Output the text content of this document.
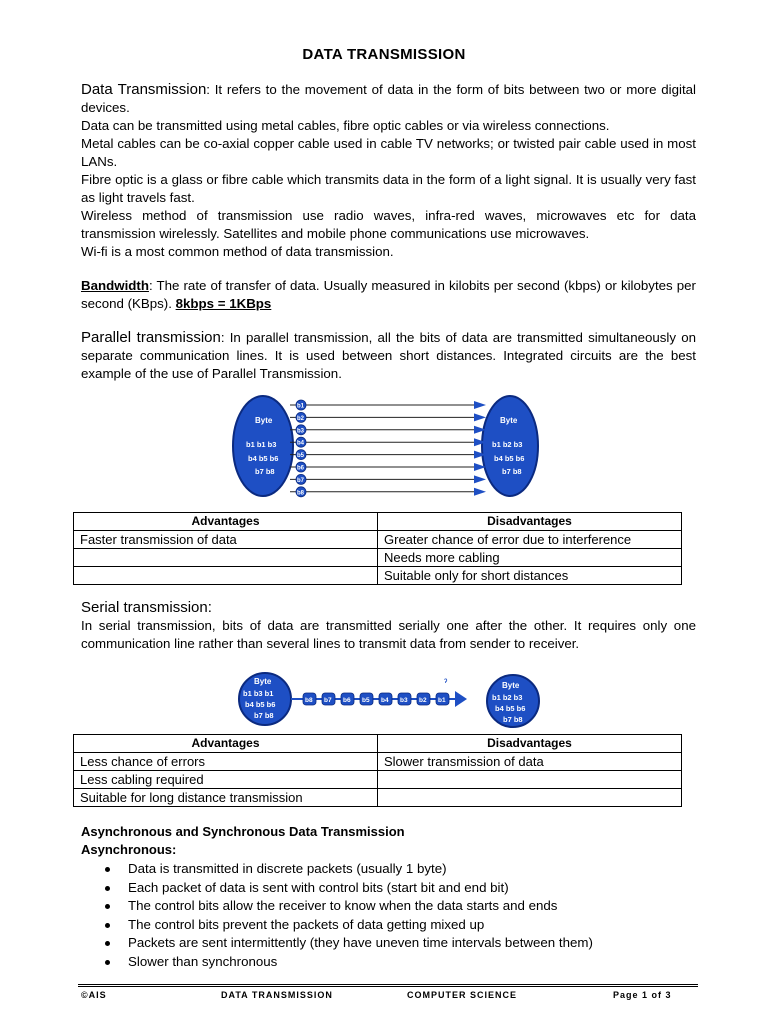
DATA TRANSMISSION

Data Transmission: It refers to the movement of data in the form of bits between two or more digital devices.

Data can be transmitted using metal cables, fibre optic cables or via wireless connections.

Metal cables can be co-axial copper cable used in cable TV networks; or twisted pair cable used in most LANs.

Fibre optic is a glass or fibre cable which transmits data in the form of a light signal. It is usually very fast as light travels fast.

Wireless method of transmission use radio waves, infra-red waves, microwaves etc for data transmission wirelessly. Satellites and mobile phone communications use microwaves.

Wi-fi is a most common method of data transmission.

Bandwidth: The rate of transfer of data. Usually measured in kilobits per second (kbps) or kilobytes per second (KBps). 8kbps = 1KBps

Parallel transmission: In parallel transmission, all the bits of data are transmitted simultaneously on separate communication lines. It is used between short distances. Integrated circuits are the best example of the use of Parallel Transmission.

b1
b2
b3
b4
b5
b6
b7
b8
Byte
b1 b1 b3
b4 b5 b6
b7 b8
Byte
b1 b2 b3
b4 b5 b6
b7 b8
Advantages	Disadvantages
Faster transmission of data	Greater chance of error due to interference
	Needs more cabling
	Suitable only for short distances

Serial transmission:

In serial transmission, bits of data are transmitted serially one after the other. It requires only one communication line rather than several lines to transmit data from sender to receiver.

ˀ
b8 b7 b6 b5 b4 b3 b2 b1
Byte
b1 b3 b1
b4 b5 b6
b7 b8
Byte
b1 b2 b3
b4 b5 b6
b7 b8
Advantages	Disadvantages
Less chance of errors	Slower transmission of data
Less cabling required	
Suitable for long distance transmission	

Asynchronous and Synchronous Data Transmission

Asynchronous:

Data is transmitted in discrete packets (usually 1 byte)
Each packet of data is sent with control bits (start bit and end bit)
The control bits allow the receiver to know when the data starts and ends
The control bits prevent the packets of data getting mixed up
Packets are sent intermittently (they have uneven time intervals between them)
Slower than synchronous
©AIS	DATA TRANSMISSION	COMPUTER SCIENCE	Page 1 of 3
